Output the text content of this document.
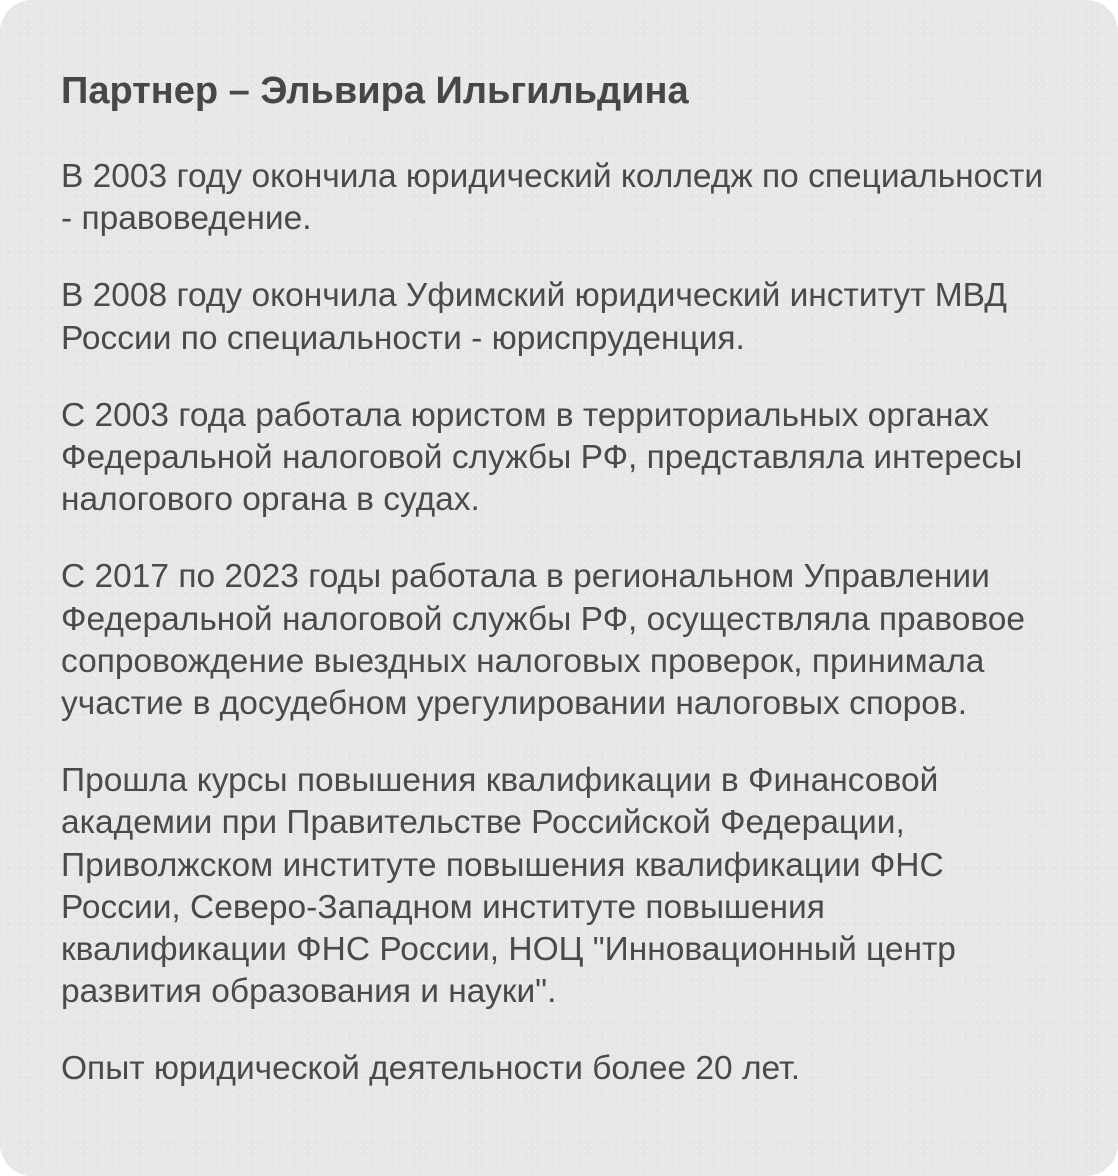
Партнер – Эльвира Ильгильдина

В 2003 году окончила юридический колледж по специальности - правоведение.

В 2008 году окончила Уфимский юридический институт МВД России по специальности - юриспруденция.

С 2003 года работала юристом в территориальных органах Федеральной налоговой службы РФ, представляла интересы налогового органа в судах.

С 2017 по 2023 годы работала в региональном Управлении Федеральной налоговой службы РФ, осуществляла правовое сопровождение выездных налоговых проверок, принимала участие в досудебном урегулировании налоговых споров.

Прошла курсы повышения квалификации в Финансовой академии при Правительстве Российской Федерации, Приволжском институте повышения квалификации ФНС России, Северо-Западном институте повышения квалификации ФНС России, НОЦ "Инновационный центр развития образования и науки".

Опыт юридической деятельности более 20 лет.
